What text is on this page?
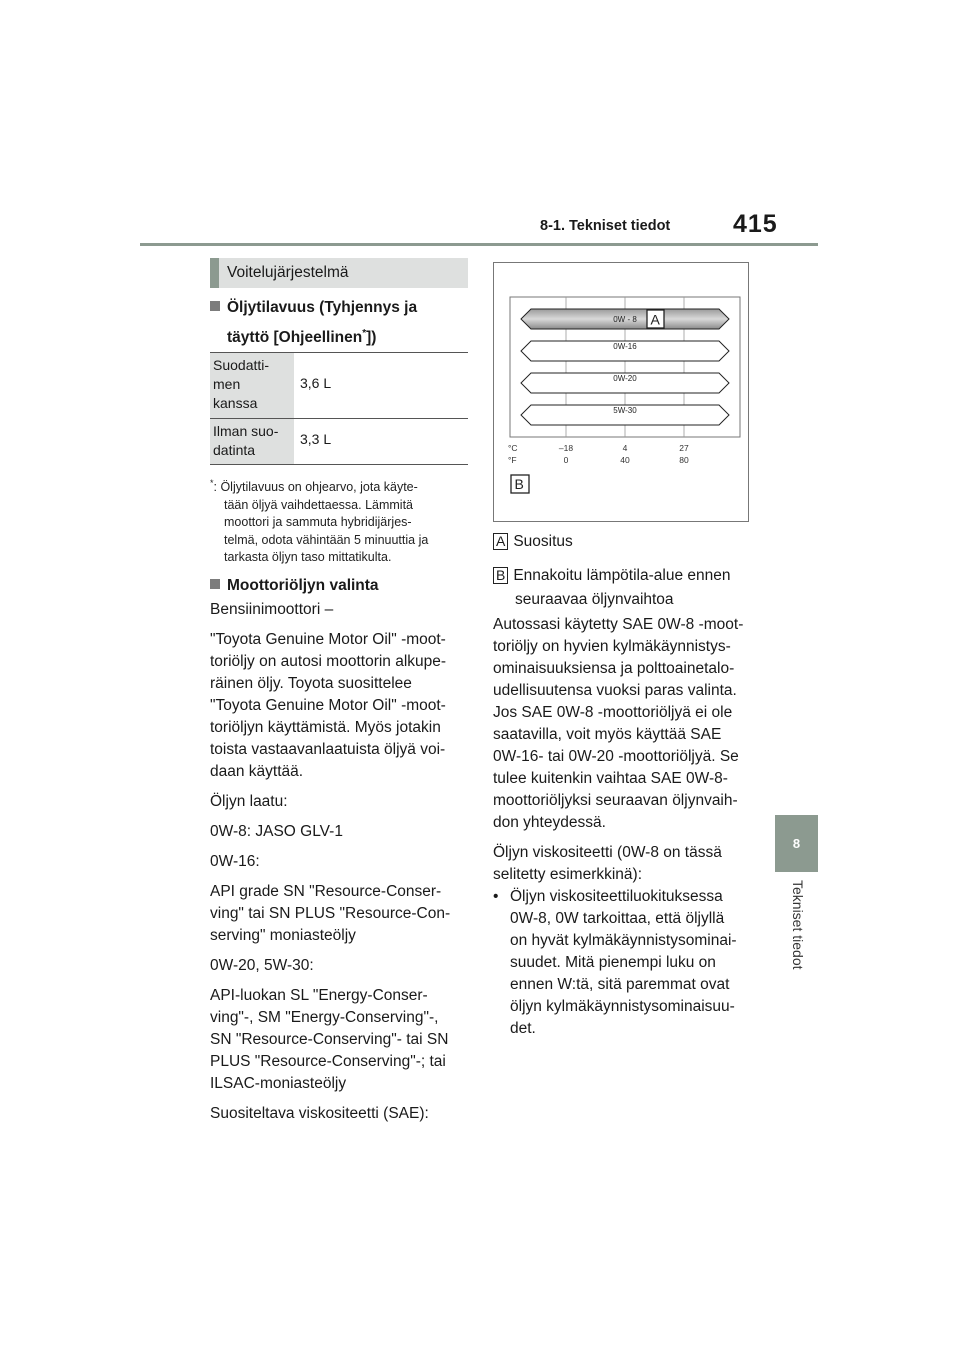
8-1. Tekniset tiedot	415
8
Tekniset tiedot
Voitelujärjestelmä
Öljytilavuus (Tyhjennys ja
täyttö [Ohjeellinen*])
Suodatti-
men
kanssa	3,6 L

Ilman suo-
datinta	3,3 L
*: Öljytilavuus on ohjearvo, jota käyte-
tään öljyä vaihdettaessa. Lämmitä
moottori ja sammuta hybridijärjes-
telmä, odota vähintään 5 minuuttia ja
tarkasta öljyn taso mittatikulta.
Moottoriöljyn valinta
Bensiinimoottori –
"Toyota Genuine Motor Oil" -moot-
toriöljy on autosi moottorin alkupe-
räinen öljy. Toyota suosittelee
"Toyota Genuine Motor Oil" -moot-
toriöljyn käyttämistä. Myös jotakin
toista vastaavanlaatuista öljyä voi-
daan käyttää.
Öljyn laatu:
0W-8: JASO GLV-1
0W-16:
API grade SN "Resource-Conser-
ving" tai SN PLUS "Resource-Con-
serving" moniasteöljy
0W-20, 5W-30:
API-luokan SL "Energy-Conser-
ving"-, SM "Energy-Conserving"-,
SN "Resource-Conserving"- tai SN
PLUS "Resource-Conserving"-; tai
ILSAC-moniasteöljy
Suositeltava viskositeetti (SAE):
0W - 8 A
0W-16
0W-20
5W-30
°C
°F
–18	4	27
0	40	80
B
A Suositus
B Ennakoitu lämpötila-alue ennen
seuraavaa öljynvaihtoa
Autossasi käytetty SAE 0W-8 -moot-
toriöljy on hyvien kylmäkäynnistys-
ominaisuuksiensa ja polttoainetalo-
udellisuutensa vuoksi paras valinta.
Jos SAE 0W-8 -moottoriöljyä ei ole
saatavilla, voit myös käyttää SAE
0W-16- tai 0W-20 -moottoriöljyä. Se
tulee kuitenkin vaihtaa SAE 0W-8-
moottoriöljyksi seuraavan öljynvaih-
don yhteydessä.
Öljyn viskositeetti (0W-8 on tässä
selitetty esimerkkinä):
• Öljyn viskositeettiluokituksessa
0W-8, 0W tarkoittaa, että öljyllä
on hyvät kylmäkäynnistysominai-
suudet. Mitä pienempi luku on
ennen W:tä, sitä paremmat ovat
öljyn kylmäkäynnistysominaisuu-
det.
